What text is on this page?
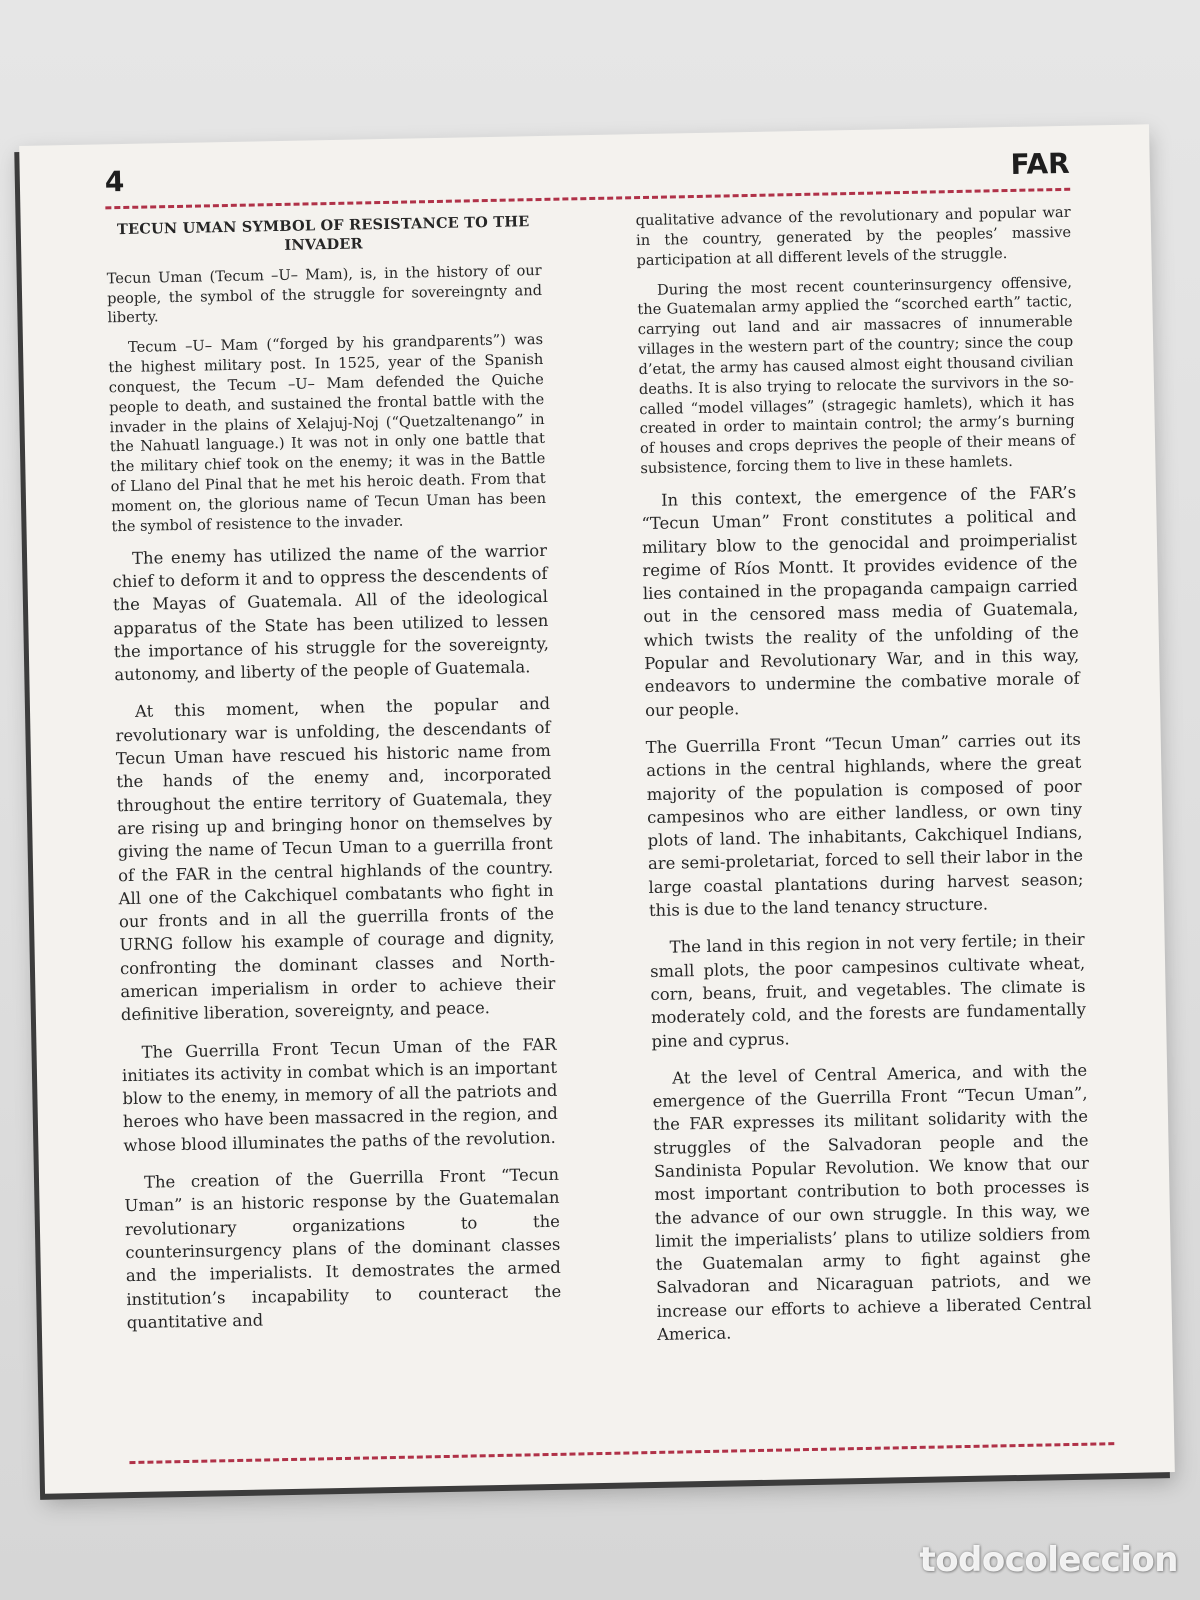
4
FAR
TECUN UMAN SYMBOL OF RESISTANCE TO THE INVADER

Tecun Uman (Tecum –U– Mam), is, in the history of our people, the symbol of the struggle for sovereingnty and liberty.

Tecum –U– Mam (“forged by his grandparents”) was the highest military post. In 1525, year of the Spanish conquest, the Tecum –U– Mam defended the Quiche people to death, and sustained the frontal battle with the invader in the plains of Xelajuj-Noj (“Quetzaltenango” in the Nahuatl language.) It was not in only one battle that the military chief took on the enemy; it was in the Battle of Llano del Pinal that he met his heroic death. From that moment on, the glorious name of Tecun Uman has been the symbol of resistence to the invader.

The enemy has utilized the name of the warrior chief to deform it and to oppress the descendents of the Mayas of Guatemala. All of the ideological apparatus of the State has been utilized to lessen the importance of his struggle for the sovereignty, autonomy, and liberty of the people of Guatemala.

At this moment, when the popular and revolutionary war is unfolding, the descendants of Tecun Uman have rescued his historic name from the hands of the enemy and, incorporated throughout the entire territory of Guatemala, they are rising up and bringing honor on themselves by giving the name of Tecun Uman to a guerrilla front of the FAR in the central highlands of the country. All one of the Cakchiquel combatants who fight in our fronts and in all the guerrilla fronts of the URNG follow his example of courage and dignity, confronting the dominant classes and North-american imperialism in order to achieve their definitive liberation, sovereignty, and peace.

The Guerrilla Front Tecun Uman of the FAR initiates its activity in combat which is an important blow to the enemy, in memory of all the patriots and heroes who have been massacred in the region, and whose blood illuminates the paths of the revolution.

The creation of the Guerrilla Front “Tecun Uman” is an historic response by the Guatemalan revolutionary organizations to the counterinsurgency plans of the dominant classes and the imperialists. It demostrates the armed institution’s incapability to counteract the quantitative and

qualitative advance of the revolutionary and popular war in the country, generated by the peoples’ massive participation at all different levels of the struggle.

During the most recent counterinsurgency offensive, the Guatemalan army applied the “scorched earth” tactic, carrying out land and air massacres of innumerable villages in the western part of the country; since the coup d’etat, the army has caused almost eight thousand civilian deaths. It is also trying to relocate the survivors in the so-called “model villages” (stragegic hamlets), which it has created in order to maintain control; the army’s burning of houses and crops deprives the people of their means of subsistence, forcing them to live in these hamlets.

In this context, the emergence of the FAR’s “Tecun Uman” Front constitutes a political and military blow to the genocidal and proimperialist regime of Ríos Montt. It provides evidence of the lies contained in the propaganda campaign carried out in the censored mass media of Guatemala, which twists the reality of the unfolding of the Popular and Revolutionary War, and in this way, endeavors to undermine the combative morale of our people.

The Guerrilla Front “Tecun Uman” carries out its actions in the central highlands, where the great majority of the population is composed of poor campesinos who are either landless, or own tiny plots of land. The inhabitants, Cakchiquel Indians, are semi-proletariat, forced to sell their labor in the large coastal plantations during harvest season; this is due to the land tenancy structure.

The land in this region in not very fertile; in their small plots, the poor campesinos cultivate wheat, corn, beans, fruit, and vegetables. The climate is moderately cold, and the forests are fundamentally pine and cyprus.

At the level of Central America, and with the emergence of the Guerrilla Front “Tecun Uman”, the FAR expresses its militant solidarity with the struggles of the Salvadoran people and the Sandinista Popular Revolution. We know that our most important contribution to both processes is the advance of our own struggle. In this way, we limit the imperialists’ plans to utilize soldiers from the Guatemalan army to fight against ghe Salvadoran and Nicaraguan patriots, and we increase our efforts to achieve a liberated Central America.

todocoleccion
